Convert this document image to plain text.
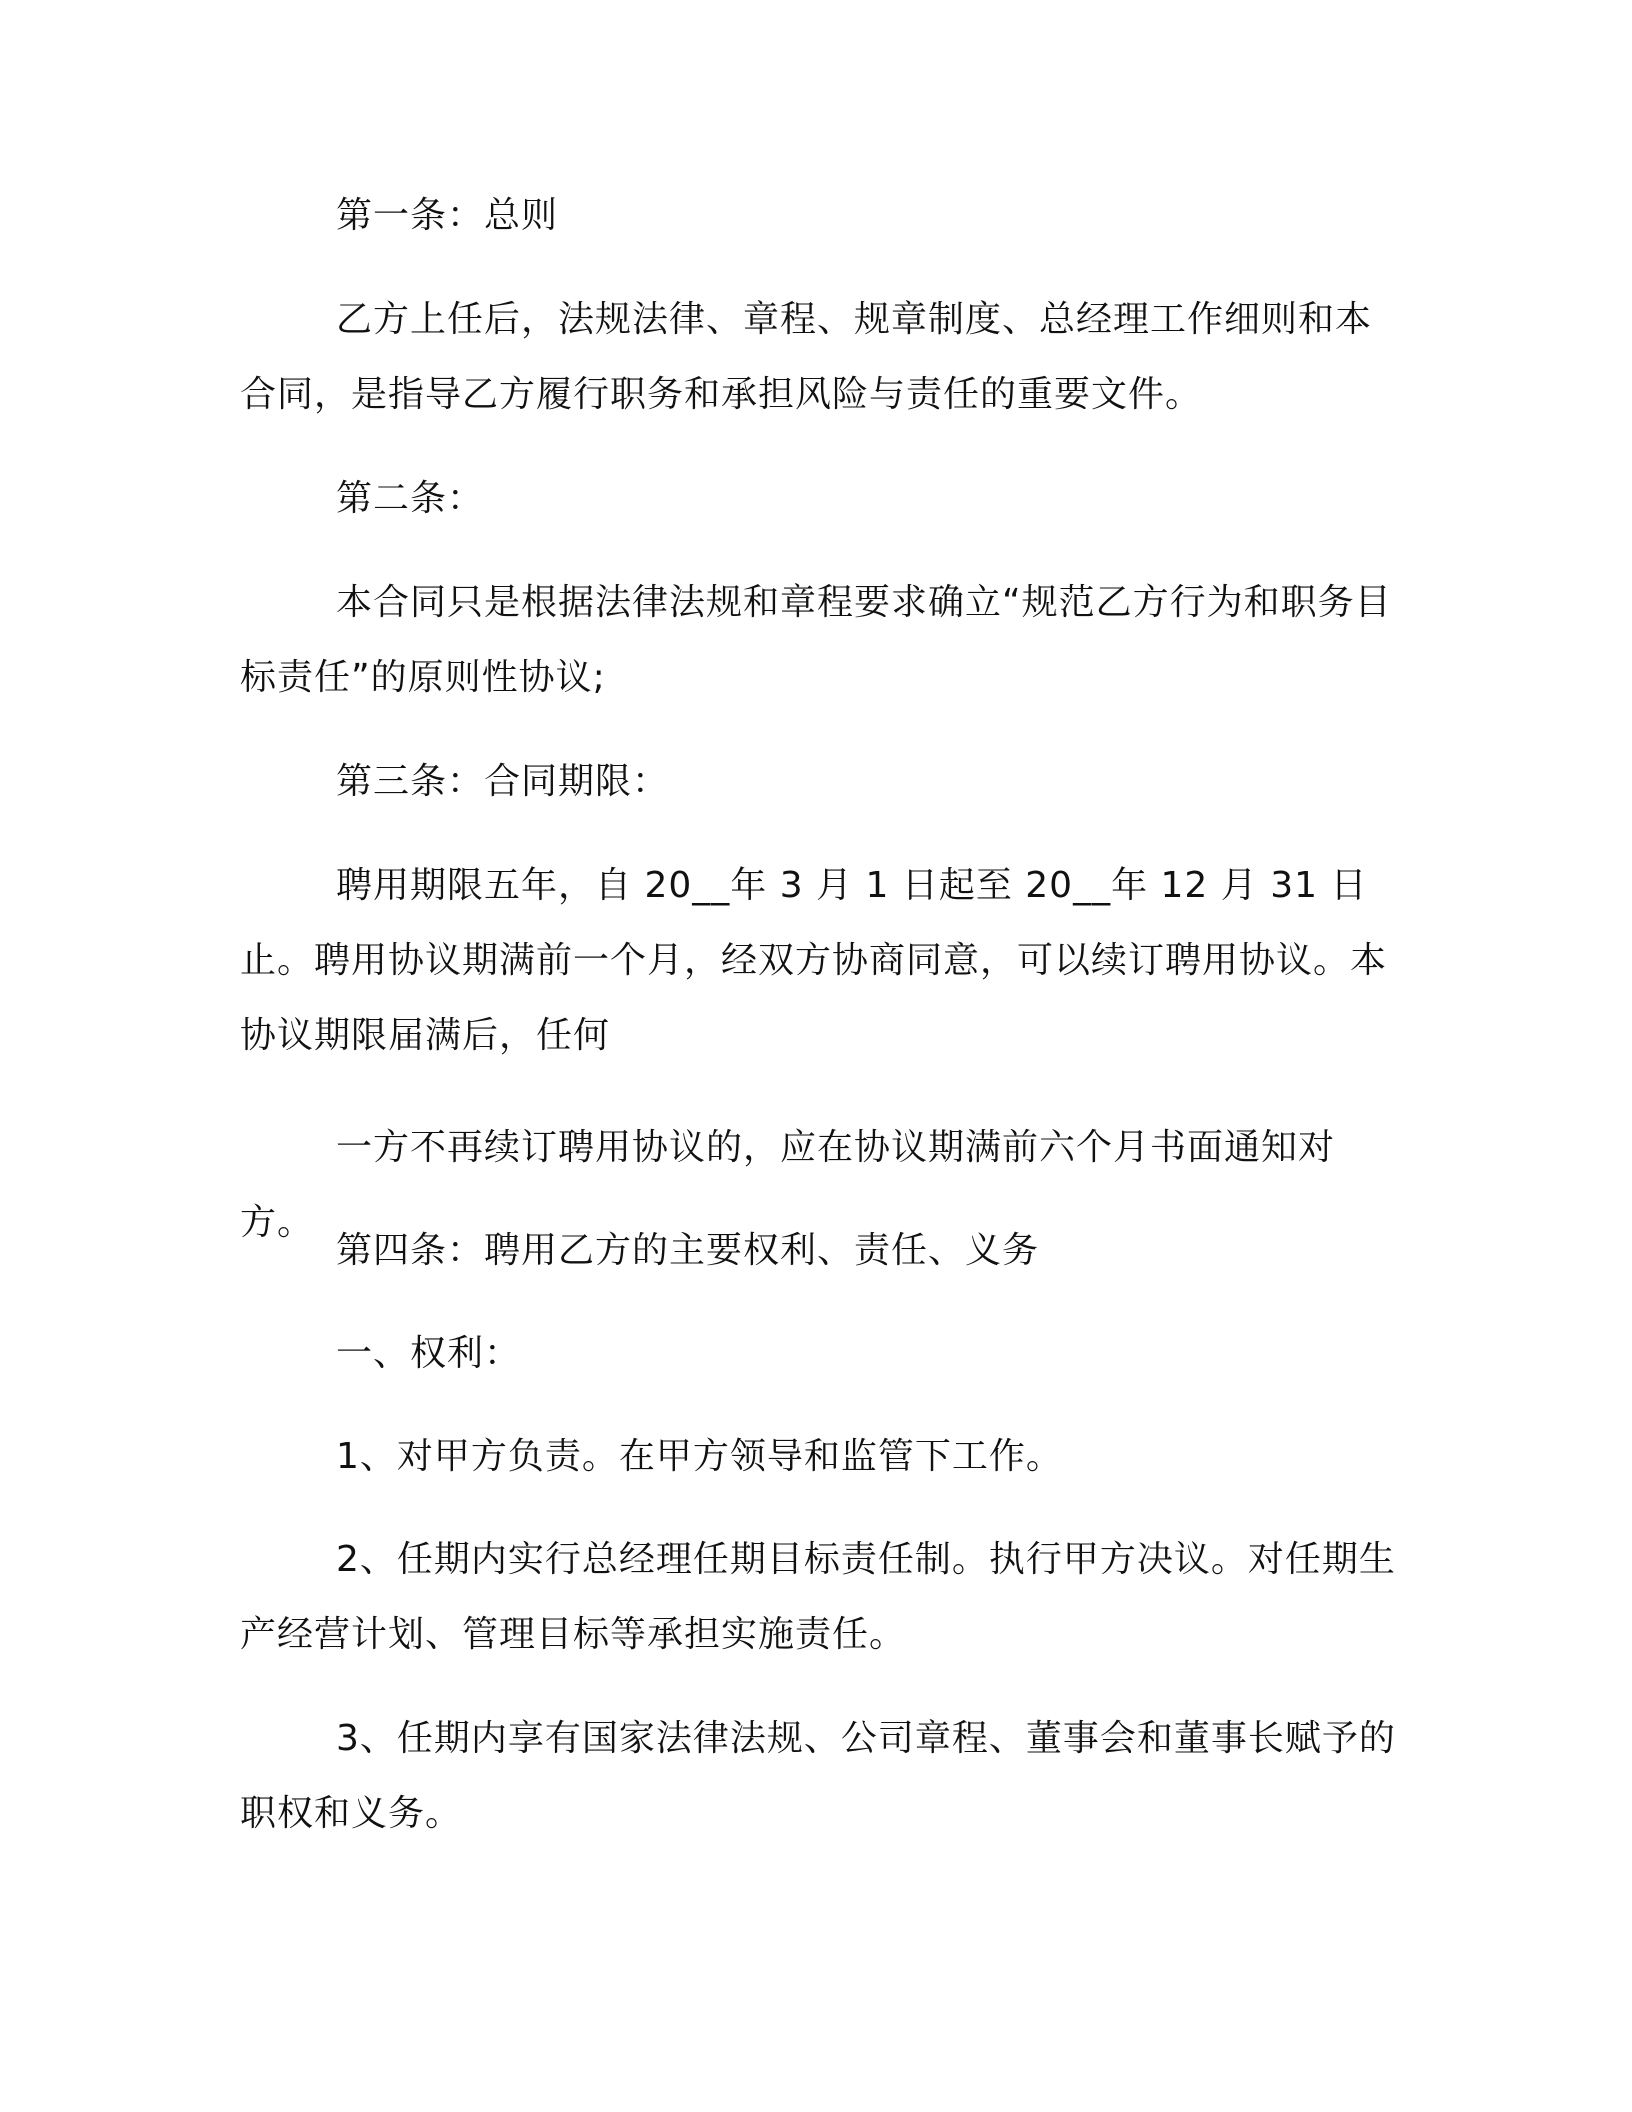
第一条：总则

乙方上任后，法规法律、章程、规章制度、总经理工作细则和本合同，是指导乙方履行职务和承担风险与责任的重要文件。

第二条：

本合同只是根据法律法规和章程要求确立“规范乙方行为和职务目标责任”的原则性协议;

第三条：合同期限：

聘用期限五年，自 20__年 3 月 1 日起至 20__年 12 月 31 日止。聘用协议期满前一个月，经双方协商同意，可以续订聘用协议。本协议期限届满后，任何

一方不再续订聘用协议的，应在协议期满前六个月书面通知对方。

第四条：聘用乙方的主要权利、责任、义务

一、权利：

1、对甲方负责。在甲方领导和监管下工作。

2、任期内实行总经理任期目标责任制。执行甲方决议。对任期生产经营计划、管理目标等承担实施责任。

3、任期内享有国家法律法规、公司章程、董事会和董事长赋予的职权和义务。
